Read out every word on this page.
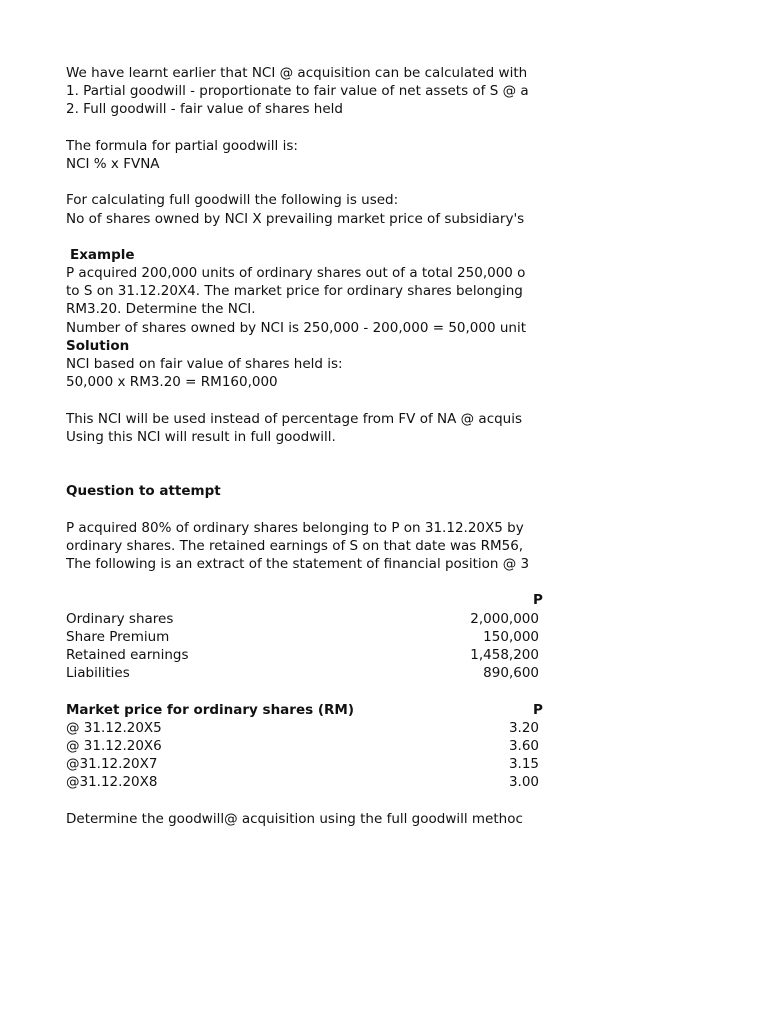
We have learnt earlier that NCI @ acquisition can be calculated with
1. Partial goodwill - proportionate to fair value of net assets of S @ a
2. Full goodwill - fair value of shares held
The formula for partial goodwill is:
NCI % x FVNA
For calculating full goodwill the following is used:
No of shares owned by NCI X prevailing market price of subsidiary's
Example
P acquired 200,000 units of ordinary shares out of a total 250,000 o
to S on 31.12.20X4. The market price for ordinary shares belonging
RM3.20. Determine the NCI.
Number of shares owned by NCI is 250,000 - 200,000 = 50,000 unit
Solution
NCI based on fair value of shares held is:
50,000 x RM3.20 = RM160,000
This NCI will be used instead of percentage from FV of NA @ acquis
Using this NCI will result in full goodwill.
Question to attempt
P acquired 80% of ordinary shares belonging to P on 31.12.20X5 by
ordinary shares. The retained earnings of S on that date was RM56,
The following is an extract of the statement of financial position @ 3
P
Ordinary shares	2,000,000
Share Premium	150,000
Retained earnings	1,458,200
Liabilities	890,600
Market price for ordinary shares (RM)	P
@ 31.12.20X5	3.20
@ 31.12.20X6	3.60
@31.12.20X7	3.15
@31.12.20X8	3.00
Determine the goodwill@ acquisition using the full goodwill methoc
